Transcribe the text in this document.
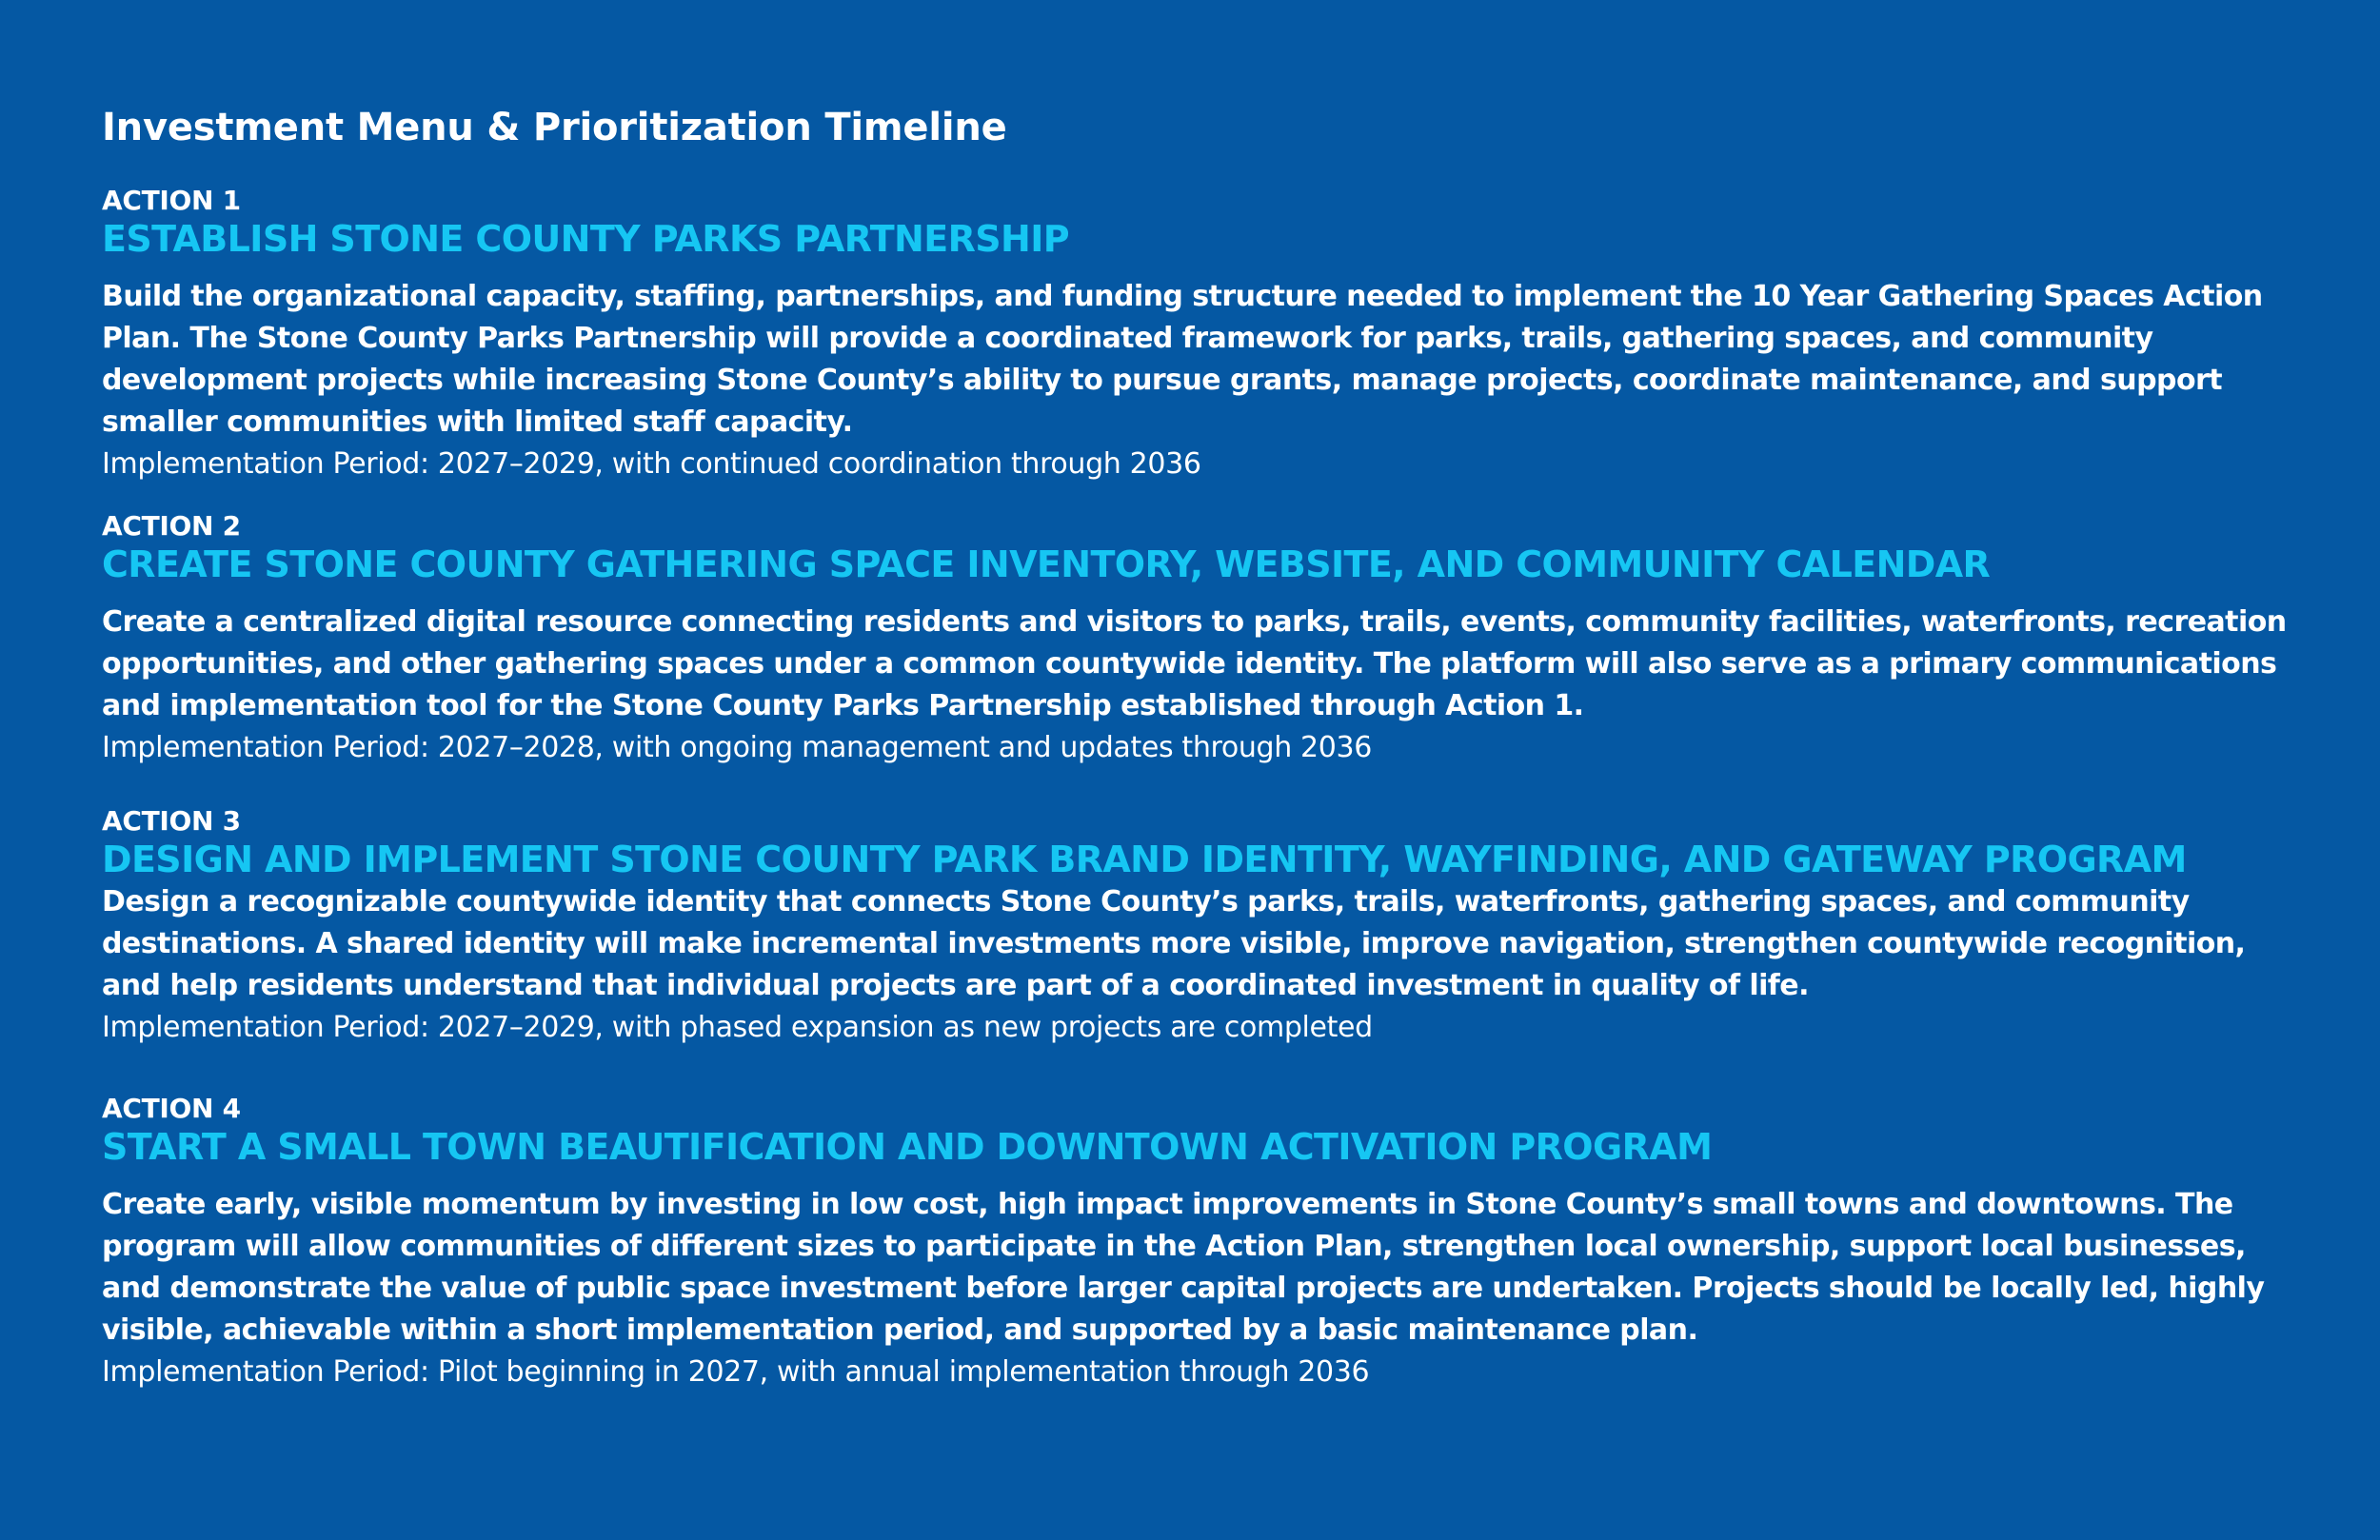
Investment Menu & Prioritization Timeline

ACTION 1

ESTABLISH STONE COUNTY PARKS PARTNERSHIP

Build the organizational capacity, staffing, partnerships, and funding structure needed to implement the 10 Year Gathering Spaces Action Plan. The Stone County Parks Partnership will provide a coordinated framework for parks, trails, gathering spaces, and community development projects while increasing Stone County’s ability to pursue grants, manage projects, coordinate maintenance, and support smaller communities with limited staff capacity.

Implementation Period: 2027–2029, with continued coordination through 2036

ACTION 2

CREATE STONE COUNTY GATHERING SPACE INVENTORY, WEBSITE, AND COMMUNITY CALENDAR

Create a centralized digital resource connecting residents and visitors to parks, trails, events, community facilities, waterfronts, recreation opportunities, and other gathering spaces under a common countywide identity. The platform will also serve as a primary communications and implementation tool for the Stone County Parks Partnership established through Action 1.

Implementation Period: 2027–2028, with ongoing management and updates through 2036

ACTION 3

DESIGN AND IMPLEMENT STONE COUNTY PARK BRAND IDENTITY, WAYFINDING, AND GATEWAY PROGRAM

Design a recognizable countywide identity that connects Stone County’s parks, trails, waterfronts, gathering spaces, and community destinations. A shared identity will make incremental investments more visible, improve navigation, strengthen countywide recognition, and help residents understand that individual projects are part of a coordinated investment in quality of life.

Implementation Period: 2027–2029, with phased expansion as new projects are completed

ACTION 4

START A SMALL TOWN BEAUTIFICATION AND DOWNTOWN ACTIVATION PROGRAM

Create early, visible momentum by investing in low cost, high impact improvements in Stone County’s small towns and downtowns. The program will allow communities of different sizes to participate in the Action Plan, strengthen local ownership, support local businesses, and demonstrate the value of public space investment before larger capital projects are undertaken. Projects should be locally led, highly visible, achievable within a short implementation period, and supported by a basic maintenance plan.

Implementation Period: Pilot beginning in 2027, with annual implementation through 2036
